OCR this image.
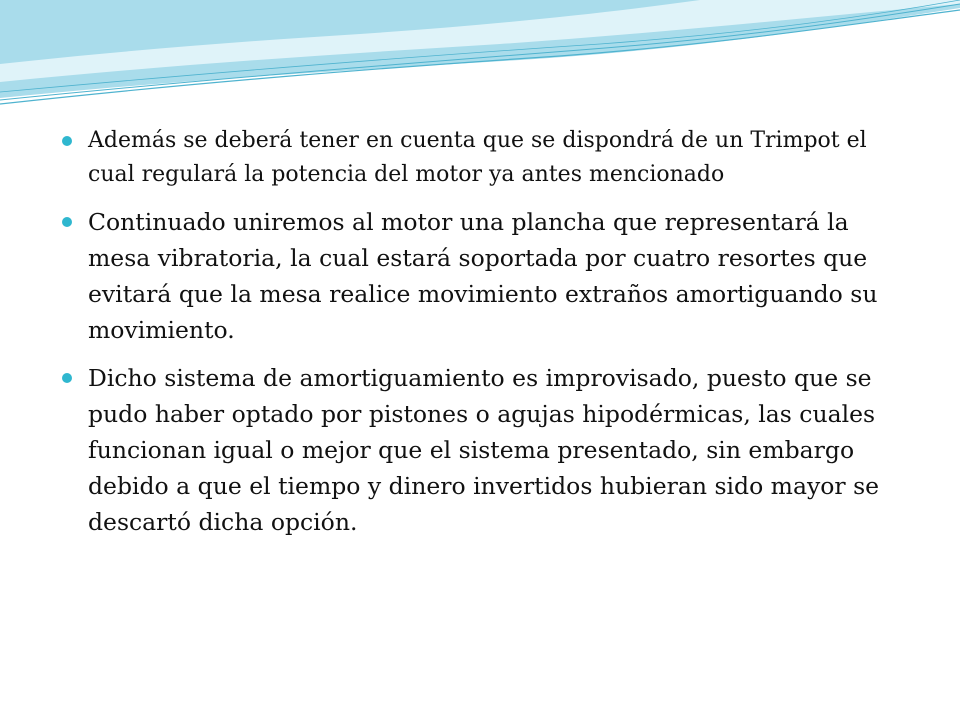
Además se deberá tener en cuenta que se dispondrá de un Trimpot el cual regulará la potencia del motor ya antes mencionado
Continuado uniremos al motor una plancha que representará la mesa vibratoria, la cual estará soportada por cuatro resortes que evitará que la mesa realice movimiento extraños amortiguando su movimiento.
Dicho sistema de amortiguamiento es improvisado, puesto que se pudo haber optado por pistones o agujas hipodérmicas, las cuales funcionan igual o mejor que el sistema presentado, sin embargo debido a que el tiempo y dinero invertidos hubieran sido mayor se descartó dicha opción.
